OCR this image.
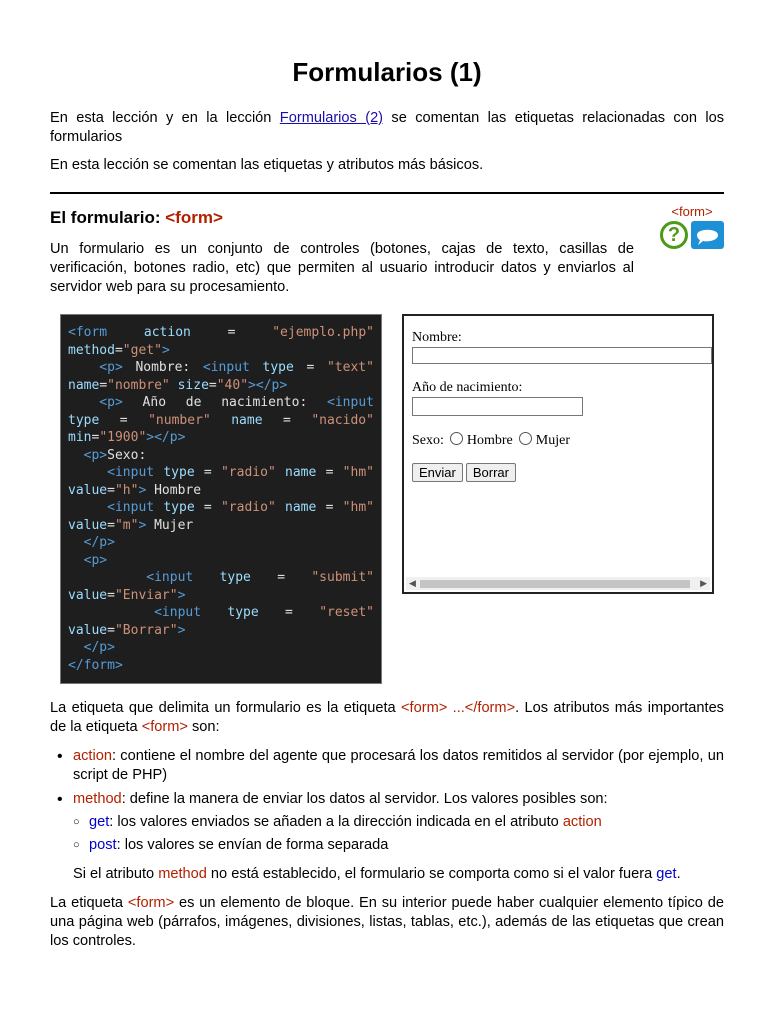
Formularios (1)

En esta lección y en la lección Formularios (2) se comentan las etiquetas relacionadas con los formularios

En esta lección se comentan las etiquetas y atributos más básicos.

El formulario: <form>	<form>
?

Un formulario es un conjunto de controles (botones, cajas de texto, casillas de verificación, botones radio, etc) que permiten al usuario introducir datos y enviarlos al servidor web para su procesamiento.

<form	action	=	"ejemplo.php"
method = "get" >
<p> Nombre: <input type = "text"
name = "nombre"
size = "40" ></p>
<p> Año de nacimiento: <input
type = "number" name = "nacido"
min = "1900" ></p>
<p> Sexo:
<input type = "radio" name = "hm"
value = "h" > Hombre
<input type = "radio" name = "hm"
value = "m" > Mujer
</p>
<p>
<input type = "submit"
value = "Enviar" >
<input type = "reset"
value = "Borrar" >
</p>
</form>
Nombre:
Año de nacimiento:
Sexo: Hombre Mujer
Enviar Borrar
◀	▶

La etiqueta que delimita un formulario es la etiqueta <form> ...</form>. Los atributos más importantes de la etiqueta <form> son:

• action: contiene el nombre del agente que procesará los datos remitidos al servidor (por ejemplo, un script de PHP)
• method: define la manera de enviar los datos al servidor. Los valores posibles son:
○ get: los valores enviados se añaden a la dirección indicada en el atributo action
○ post: los valores se envían de forma separada

Si el atributo method no está establecido, el formulario se comporta como si el valor fuera get.

La etiqueta <form> es un elemento de bloque. En su interior puede haber cualquier elemento típico de una página web (párrafos, imágenes, divisiones, listas, tablas, etc.), además de las etiquetas que crean los controles.
